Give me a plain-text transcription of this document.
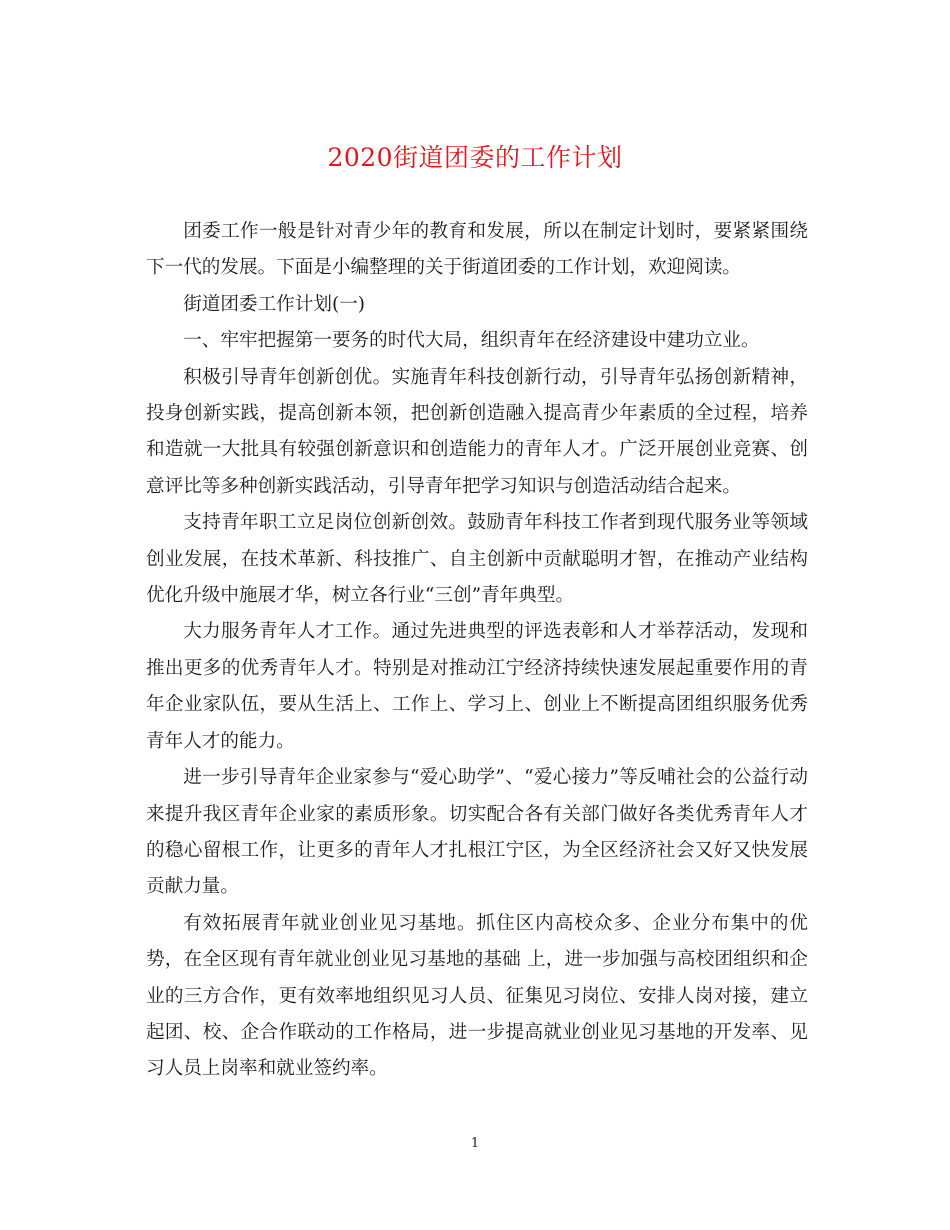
2020街道团委的工作计划

团委工作一般是针对青少年的教育和发展，所以在制定计划时，要紧紧围绕下一代的发展。下面是小编整理的关于街道团委的工作计划，欢迎阅读。

街道团委工作计划(一)

一、牢牢把握第一要务的时代大局，组织青年在经济建设中建功立业。

积极引导青年创新创优。实施青年科技创新行动，引导青年弘扬创新精神，投身创新实践，提高创新本领，把创新创造融入提高青少年素质的全过程，培养和造就一大批具有较强创新意识和创造能力的青年人才。广泛开展创业竞赛、创意评比等多种创新实践活动，引导青年把学习知识与创造活动结合起来。

支持青年职工立足岗位创新创效。鼓励青年科技工作者到现代服务业等领域创业发展，在技术革新、科技推广、自主创新中贡献聪明才智，在推动产业结构优化升级中施展才华，树立各行业“三创”青年典型。

大力服务青年人才工作。通过先进典型的评选表彰和人才举荐活动，发现和推出更多的优秀青年人才。特别是对推动江宁经济持续快速发展起重要作用的青年企业家队伍，要从生活上、工作上、学习上、创业上不断提高团组织服务优秀青年人才的能力。

进一步引导青年企业家参与“爱心助学”、“爱心接力”等反哺社会的公益行动来提升我区青年企业家的素质形象。切实配合各有关部门做好各类优秀青年人才的稳心留根工作，让更多的青年人才扎根江宁区，为全区经济社会又好又快发展贡献力量。

有效拓展青年就业创业见习基地。抓住区内高校众多、企业分布集中的优势，在全区现有青年就业创业见习基地的基础 上，进一步加强与高校团组织和企业的三方合作，更有效率地组织见习人员、征集见习岗位、安排人岗对接，建立起团、校、企合作联动的工作格局，进一步提高就业创业见习基地的开发率、见习人员上岗率和就业签约率。

1
